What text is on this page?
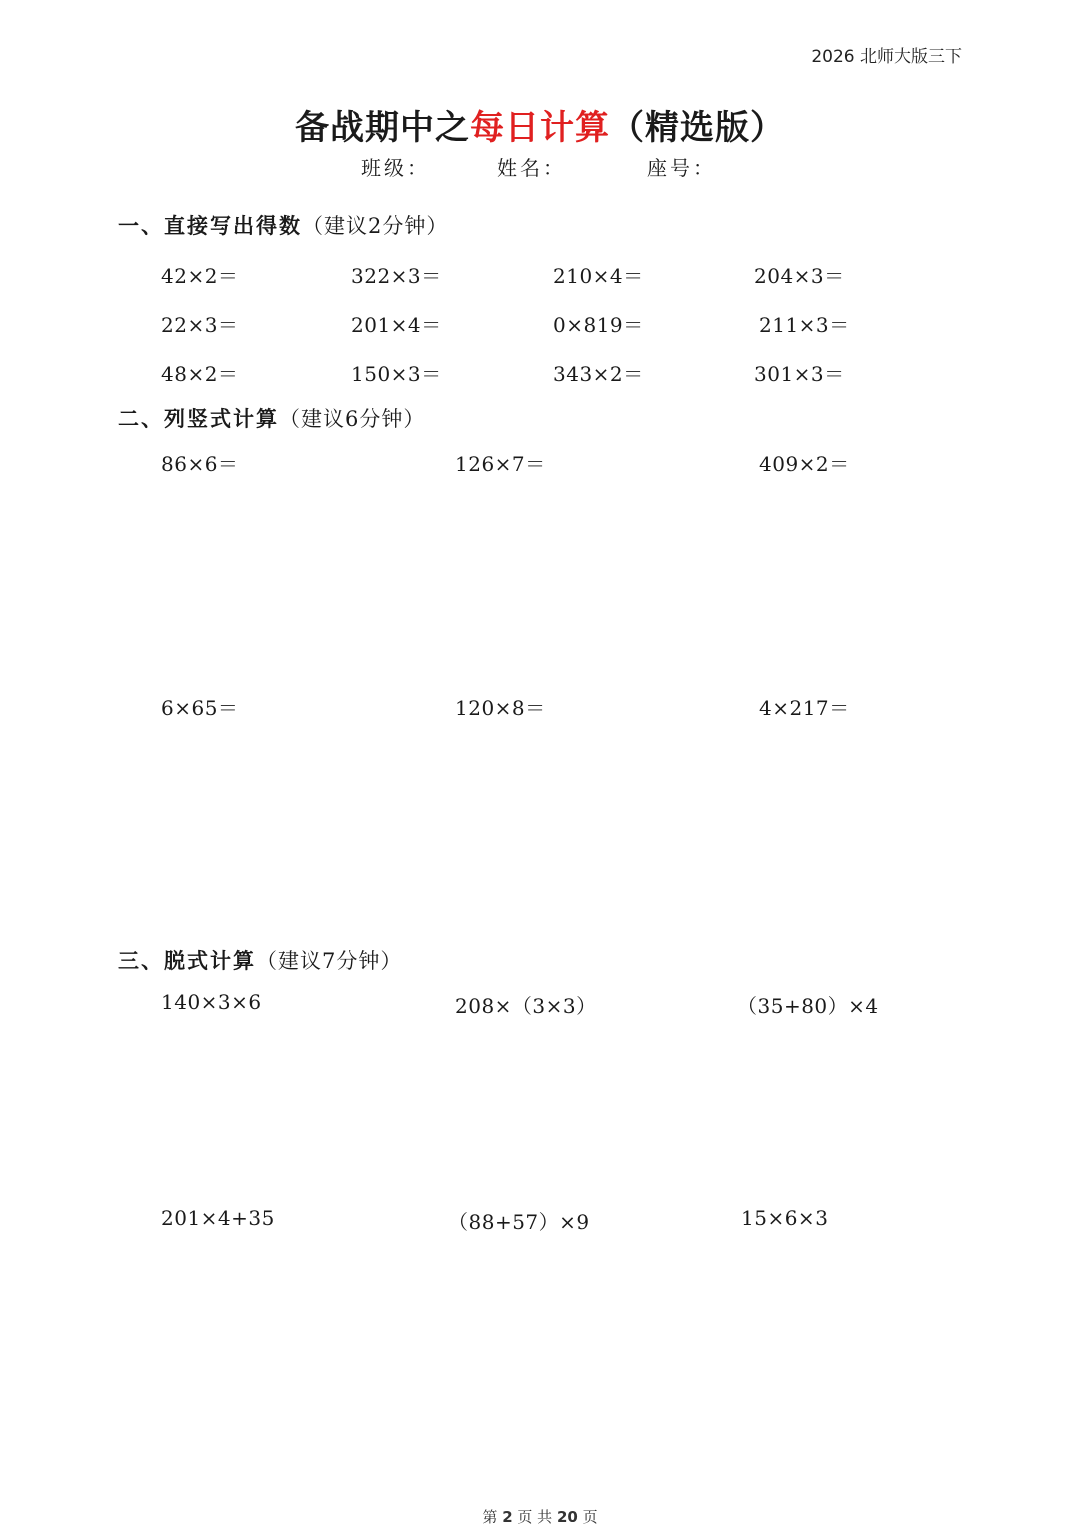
2026 北师大版三下
备战期中之每日计算（精选版）
班级：	姓名：	座号：
一、直接写出得数（建议2分钟）
42×2＝	322×3＝	210×4＝	204×3＝
22×3＝	201×4＝	0×819＝	211×3＝
48×2＝	150×3＝	343×2＝	301×3＝
二、列竖式计算（建议6分钟）
86×6＝	126×7＝	409×2＝
6×65＝	120×8＝	4×217＝
三、脱式计算（建议7分钟）
140×3×6	208×（3×3）	（35+80）×4
201×4+35	（88+57）×9	15×6×3
第 2 页 共 20 页
